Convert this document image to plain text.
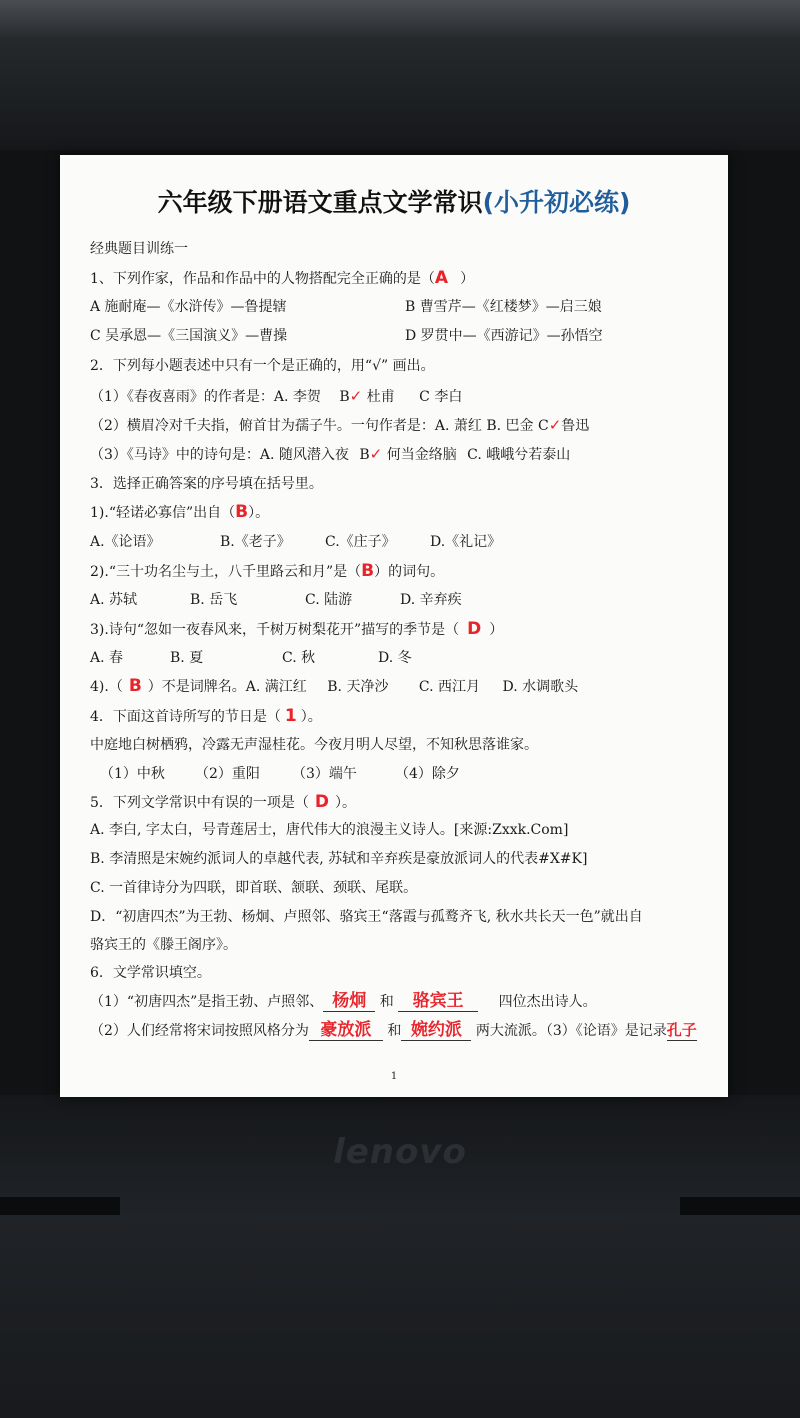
lenovo
六年级下册语文重点文学常识(小升初必练)
经典题目训练一
1、下列作家，作品和作品中的人物搭配完全正确的是（A ）
A 施耐庵—《水浒传》—鲁提辖	B 曹雪芹—《红楼梦》—启三娘
C 吴承恩—《三国演义》—曹操	D 罗贯中—《西游记》—孙悟空
2．下列每小题表述中只有一个是正确的，用“√” 画出。
（1）《春夜喜雨》的作者是：A. 李贺 B✓ 杜甫 C 李白
（2）横眉冷对千夫指，俯首甘为孺子牛。一句作者是：A. 萧红 B. 巴金 C✓鲁迅
（3）《马诗》中的诗句是：A. 随风潜入夜 B✓ 何当金络脑 C. 峨峨兮若泰山
3．选择正确答案的序号填在括号里。
1).“轻诺必寡信”出自（B）。
A.《论语》	B.《老子》 C.《庄子》 D.《礼记》
2).“三十功名尘与土，八千里路云和月”是（B）的词句。
A. 苏轼	B. 岳飞	C. 陆游	D. 辛弃疾
3).诗句“忽如一夜春风来，千树万树梨花开”描写的季节是（ D ）
A. 春	B. 夏	C. 秋	D. 冬
4).（ B ）不是词牌名。A. 满江红 B. 天净沙 C. 西江月 D. 水调歌头
4．下面这首诗所写的节日是（ 1 ）。
中庭地白树栖鸦，冷露无声湿桂花。今夜月明人尽望，不知秋思落谁家。
（1）中秋 （2）重阳 （3）端午	（4）除夕
5．下列文学常识中有误的一项是（ D ）。
A. 李白, 字太白，号青莲居士，唐代伟大的浪漫主义诗人。[来源:Zxxk.Com]
B. 李清照是宋婉约派词人的卓越代表, 苏轼和辛弃疾是豪放派词人的代表#X#K]
C. 一首律诗分为四联，即首联、颔联、颈联、尾联。
D．“初唐四杰”为王勃、杨炯、卢照邻、骆宾王“落霞与孤鹜齐飞, 秋水共长天一色”就出自
骆宾王的《滕王阁序》。
6．文学常识填空。
（1）“初唐四杰”是指王勃、卢照邻、 杨炯 和 骆宾王 四位杰出诗人。
（2）人们经常将宋词按照风格分为 豪放派 和 婉约派 两大流派。（3）《论语》是记录孔子
1
